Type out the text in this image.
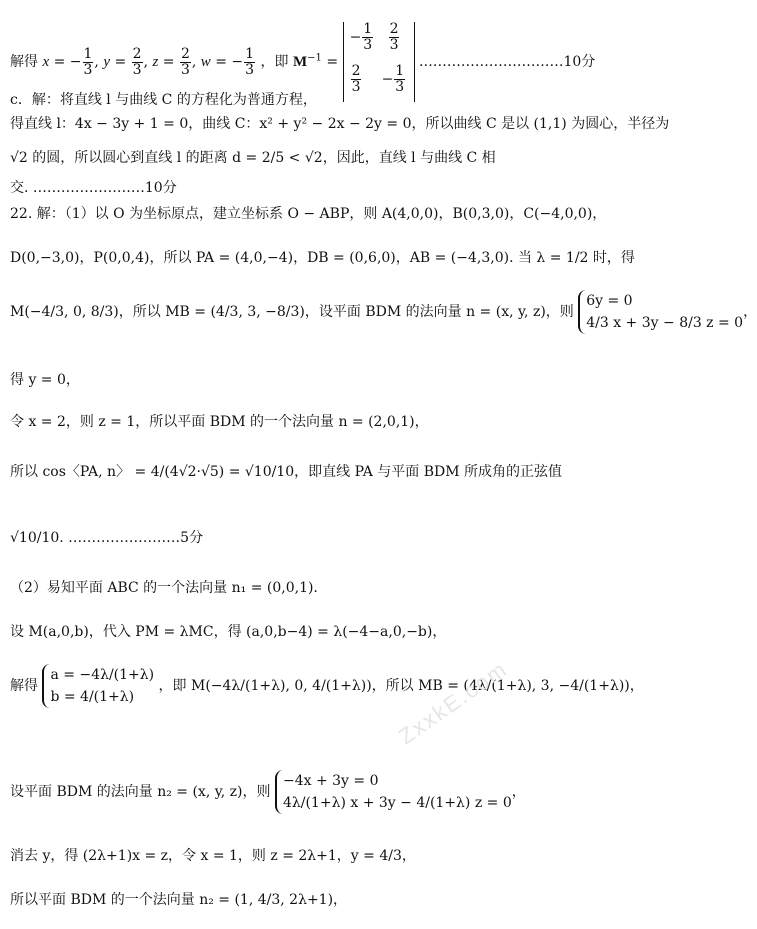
解得 x = − $\frac{1}{3}$ , $y = \frac{2}{3}$ , $z = \frac{2}{3}$ , w = − $\frac{1}{3}$ ，即 $M^{-1}$ =
− $\frac{1}{3} \frac{2}{3}$
$\frac{2}{3} - \frac{1}{3}$
.…………………………10分
c．解：将直线 l 与曲线 C 的方程化为普通方程，
得直线 l：4x − 3y + 1 = 0，曲线 C：x² + y² − 2x − 2y = 0，所以曲线 C 是以 (1,1) 为圆心，半径为
√2 的圆，所以圆心到直线 l 的距离 d = 2/5 < √2，因此，直线 l 与曲线 C 相
交. ……………………10分
22. 解：（1）以 O 为坐标原点，建立坐标系 O − ABP，则 A(4,0,0)，B(0,3,0)，C(−4,0,0)，
D(0,−3,0)，P(0,0,4)，所以 PA = (4,0,−4)，DB = (0,6,0)，AB = (−4,3,0). 当 λ = 1/2 时，得
M(−4/3, 0, 8/3)，所以 MB = (4/3, 3, −8/3)，设平面 BDM 的法向量 n = (x, y, z)，则
6y = 0
4/3 x + 3y − 8/3 z = 0
，
得 y = 0，
令 x = 2，则 z = 1，所以平面 BDM 的一个法向量 n = (2,0,1)，
所以 cos〈PA, n〉 = 4/(4√2·√5) = √10/10，即直线 PA 与平面 BDM 所成角的正弦值
√10/10. ……………………5分
（2）易知平面 ABC 的一个法向量 n₁ = (0,0,1).
设 M(a,0,b)，代入 PM = λMC，得 (a,0,b−4) = λ(−4−a,0,−b)，
解得
a = −4λ/(1+λ)
b = 4/(1+λ)
，即 M(−4λ/(1+λ), 0, 4/(1+λ))，所以 MB = (4λ/(1+λ), 3, −4/(1+λ))，
设平面 BDM 的法向量 n₂ = (x, y, z)，则
−4x + 3y = 0
4λ/(1+λ) x + 3y − 4/(1+λ) z = 0
，
消去 y，得 (2λ+1)x = z，令 x = 1，则 z = 2λ+1，y = 4/3，
所以平面 BDM 的一个法向量 n₂ = (1, 4/3, 2λ+1)，
ZxxkE.com
